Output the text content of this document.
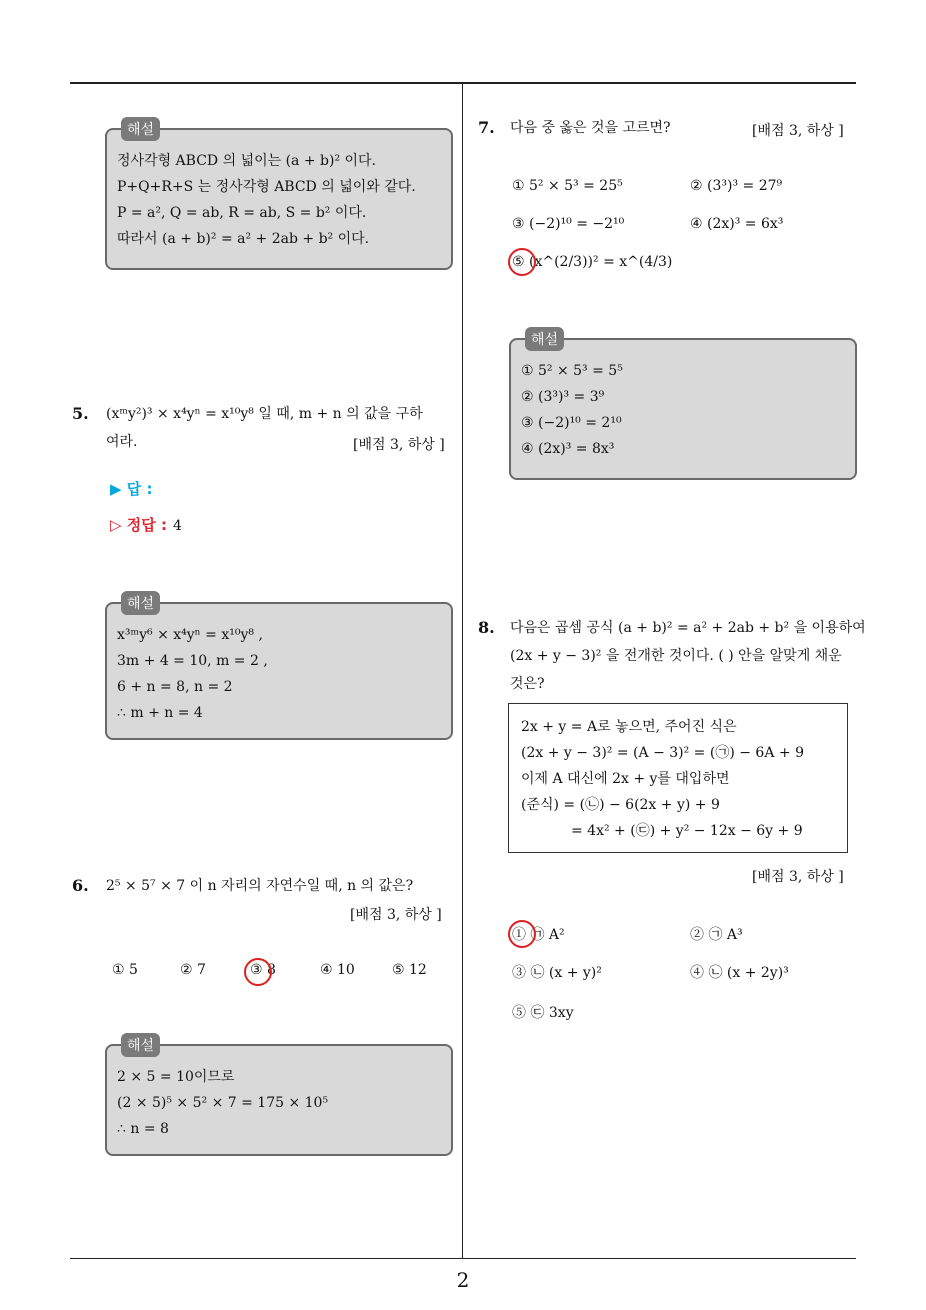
2
해설
정사각형 ABCD 의 넓이는 (a + b)² 이다.
P+Q+R+S 는 정사각형 ABCD 의 넓이와 같다.
P = a², Q = ab, R = ab, S = b² 이다.
따라서 (a + b)² = a² + 2ab + b² 이다.
5. (xᵐy²)³ × x⁴yⁿ = x¹⁰y⁸ 일 때, m + n 의 값을 구하
여라.	[배점 3, 하상 ]
▶ 답 :
▷ 정답 : 4
해설
x³ᵐy⁶ × x⁴yⁿ = x¹⁰y⁸ ,
3m + 4 = 10, m = 2 ,
6 + n = 8, n = 2
∴ m + n = 4
6. 2⁵ × 5⁷ × 7 이 n 자리의 자연수일 때, n 의 값은?
[배점 3, 하상 ]
① 5	② 7	③ 8	④ 10	⑤ 12
해설
2 × 5 = 10이므로
(2 × 5)⁵ × 5² × 7 = 175 × 10⁵
∴ n = 8
7. 다음 중 옳은 것을 고르면?	[배점 3, 하상 ]
① 5² × 5³ = 25⁵	② (3³)³ = 27⁹
③ (−2)¹⁰ = −2¹⁰	④ (2x)³ = 6x³
⑤ (x^(2/3))² = x^(4/3)
해설
① 5² × 5³ = 5⁵
② (3³)³ = 3⁹
③ (−2)¹⁰ = 2¹⁰
④ (2x)³ = 8x³
8. 다음은 곱셈 공식 (a + b)² = a² + 2ab + b² 을 이용하여
(2x + y − 3)² 을 전개한 것이다. ( ) 안을 알맞게 채운
것은?
2x + y = A로 놓으면, 주어진 식은
(2x + y − 3)² = (A − 3)² = (㉠) − 6A + 9
이제 A 대신에 2x + y를 대입하면
(준식) = (㉡) − 6(2x + y) + 9
= 4x² + (㉢) + y² − 12x − 6y + 9
[배점 3, 하상 ]
① ㉠ A²	② ㉠ A³
③ ㉡ (x + y)²	④ ㉡ (x + 2y)³
⑤ ㉢ 3xy
